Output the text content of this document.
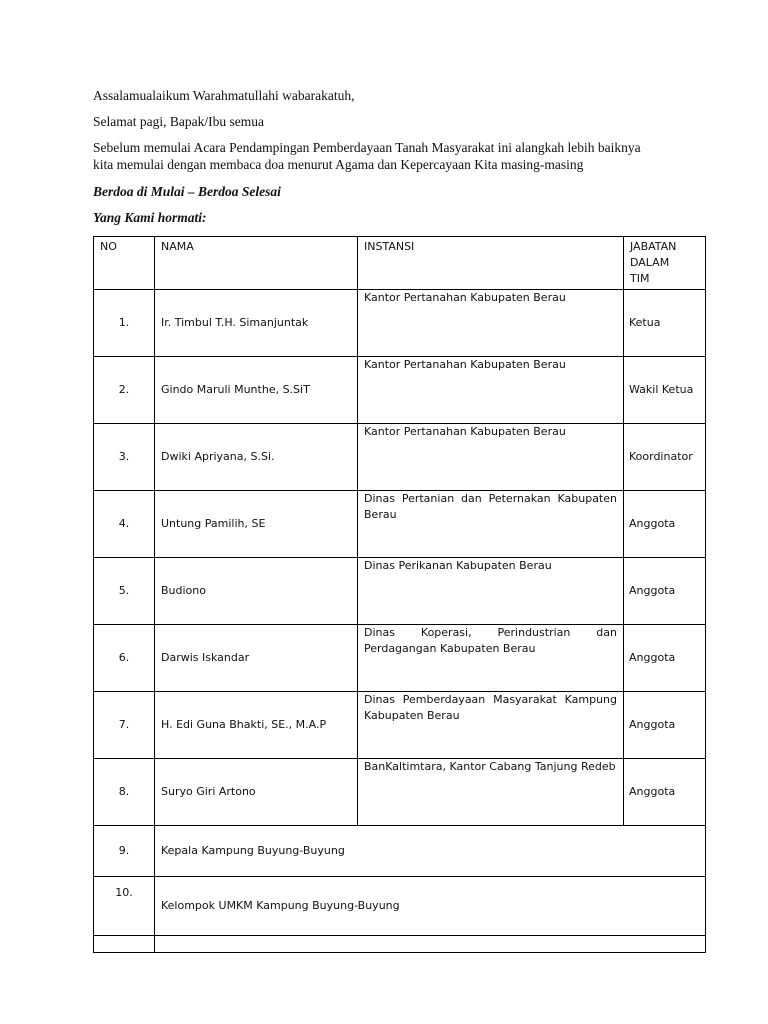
Assalamualaikum Warahmatullahi wabarakatuh,
Selamat pagi, Bapak/Ibu semua
Sebelum memulai Acara Pendampingan Pemberdayaan Tanah Masyarakat ini alangkah lebih baiknya
kita memulai dengan membaca doa menurut Agama dan Kepercayaan Kita masing-masing
Berdoa di Mulai – Berdoa Selesai
Yang Kami hormati:
NO	NAMA	INSTANSI	JABATAN DALAM TIM
1.	Ir. Timbul T.H. Simanjuntak	Kantor Pertanahan Kabupaten Berau	Ketua
2.	Gindo Maruli Munthe, S.SiT	Kantor Pertanahan Kabupaten Berau	Wakil Ketua
3.	Dwiki Apriyana, S.Si.	Kantor Pertanahan Kabupaten Berau	Koordinator
4.	Untung Pamilih, SE	Dinas Pertanian dan Peternakan Kabupaten Berau	Anggota
5.	Budiono	Dinas Perikanan Kabupaten Berau	Anggota
6.	Darwis Iskandar	Dinas Koperasi, Perindustrian dan Perdagangan Kabupaten Berau	Anggota
7.	H. Edi Guna Bhakti, SE., M.A.P	Dinas Pemberdayaan Masyarakat Kampung Kabupaten Berau	Anggota
8.	Suryo Giri Artono	BanKaltimtara, Kantor Cabang Tanjung Redeb	Anggota
9.	Kepala Kampung Buyung-Buyung		
10.	Kelompok UMKM Kampung Buyung-Buyung		
